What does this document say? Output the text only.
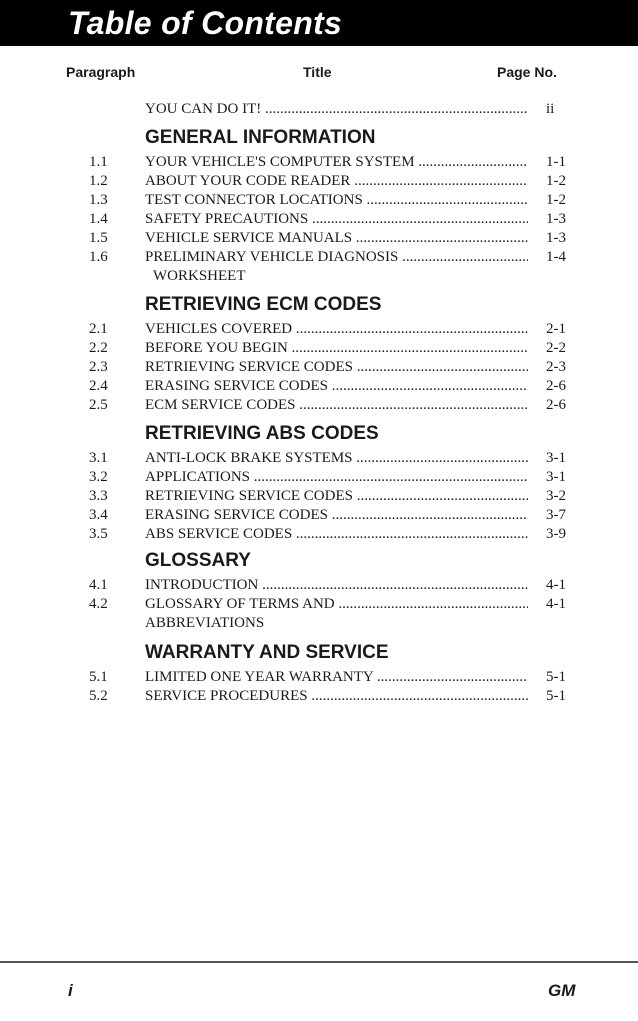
Table of Contents
Paragraph	Title	Page No.
YOU CAN DO IT! .....	ii
GENERAL INFORMATION
1.1 YOUR VEHICLE'S COMPUTER SYSTEM .....	1-1
1.2 ABOUT YOUR CODE READER .....	1-2
1.3 TEST CONNECTOR LOCATIONS .....	1-2
1.4 SAFETY PRECAUTIONS .....	1-3
1.5 VEHICLE SERVICE MANUALS .....	1-3
1.6 PRELIMINARY VEHICLE DIAGNOSIS .....	1-4
WORKSHEET
RETRIEVING ECM CODES
2.1 VEHICLES COVERED .....	2-1
2.2 BEFORE YOU BEGIN .....	2-2
2.3 RETRIEVING SERVICE CODES .....	2-3
2.4 ERASING SERVICE CODES .....	2-6
2.5 ECM SERVICE CODES .....	2-6
RETRIEVING ABS CODES
3.1 ANTI-LOCK BRAKE SYSTEMS .....	3-1
3.2 APPLICATIONS .....	3-1
3.3 RETRIEVING SERVICE CODES .....	3-2
3.4 ERASING SERVICE CODES .....	3-7
3.5 ABS SERVICE CODES .....	3-9
GLOSSARY
4.1 INTRODUCTION .....	4-1
4.2 GLOSSARY OF TERMS AND .....	4-1
ABBREVIATIONS
WARRANTY AND SERVICE
5.1 LIMITED ONE YEAR WARRANTY .....	5-1
5.2 SERVICE PROCEDURES .....	5-1
i	GM
